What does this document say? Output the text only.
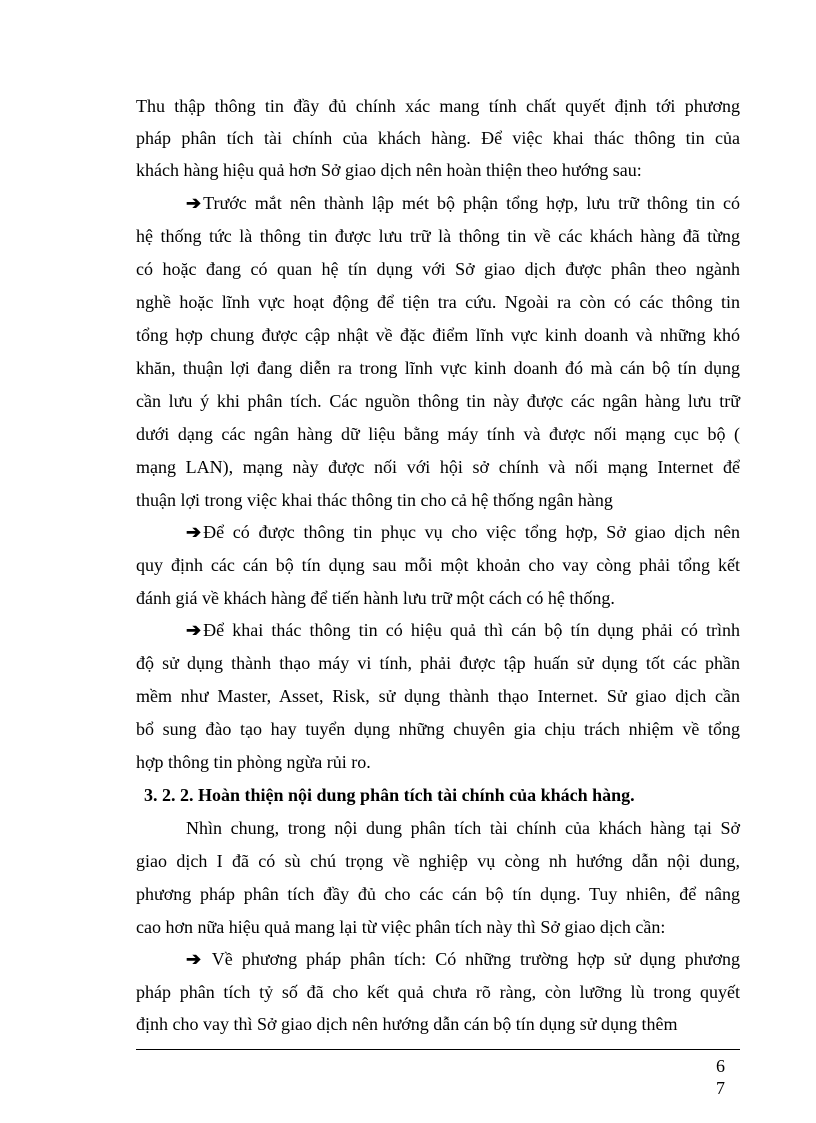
Thu thập thông tin đầy đủ chính xác mang tính chất quyết định tới phương
pháp phân tích tài chính của khách hàng. Để việc khai thác thông tin của
khách hàng hiệu quả hơn Sở giao dịch nên hoàn thiện theo hướng sau:
➔ Trước mắt nên thành lập mét bộ phận tổng hợp, lưu trữ thông tin có
hệ thống tức là thông tin được lưu trữ là thông tin về các khách hàng đã từng
có hoặc đang có quan hệ tín dụng với Sở giao dịch được phân theo ngành
nghề hoặc lĩnh vực hoạt động để tiện tra cứu. Ngoài ra còn có các thông tin
tổng hợp chung được cập nhật về đặc điểm lĩnh vực kinh doanh và những khó
khăn, thuận lợi đang diễn ra trong lĩnh vực kinh doanh đó mà cán bộ tín dụng
cần lưu ý khi phân tích. Các nguồn thông tin này được các ngân hàng lưu trữ
dưới dạng các ngân hàng dữ liệu bằng máy tính và được nối mạng cục bộ (
mạng LAN), mạng này được nối với hội sở chính và nối mạng Internet để
thuận lợi trong việc khai thác thông tin cho cả hệ thống ngân hàng
➔ Để có được thông tin phục vụ cho việc tổng hợp, Sở giao dịch nên
quy định các cán bộ tín dụng sau mỗi một khoản cho vay còng phải tổng kết
đánh giá về khách hàng để tiến hành lưu trữ một cách có hệ thống.
➔ Để khai thác thông tin có hiệu quả thì cán bộ tín dụng phải có trình
độ sử dụng thành thạo máy vi tính, phải được tập huấn sử dụng tốt các phần
mềm như Master, Asset, Risk, sử dụng thành thạo Internet. Sử giao dịch cần
bổ sung đào tạo hay tuyển dụng những chuyên gia chịu trách nhiệm về tổng
hợp thông tin phòng ngừa rủi ro.
3. 2. 2. Hoàn thiện nội dung phân tích tài chính của khách hàng.
Nhìn chung, trong nội dung phân tích tài chính của khách hàng tại Sở
giao dịch I đã có sù chú trọng về nghiệp vụ còng nh hướng dẫn nội dung,
phương pháp phân tích đầy đủ cho các cán bộ tín dụng. Tuy nhiên, để nâng
cao hơn nữa hiệu quả mang lại từ việc phân tích này thì Sở giao dịch cần:
➔ Về phương pháp phân tích: Có những trường hợp sử dụng phương
pháp phân tích tỷ số đã cho kết quả chưa rõ ràng, còn lưỡng lù trong quyết
định cho vay thì Sở giao dịch nên hướng dẫn cán bộ tín dụng sử dụng thêm
6
7
